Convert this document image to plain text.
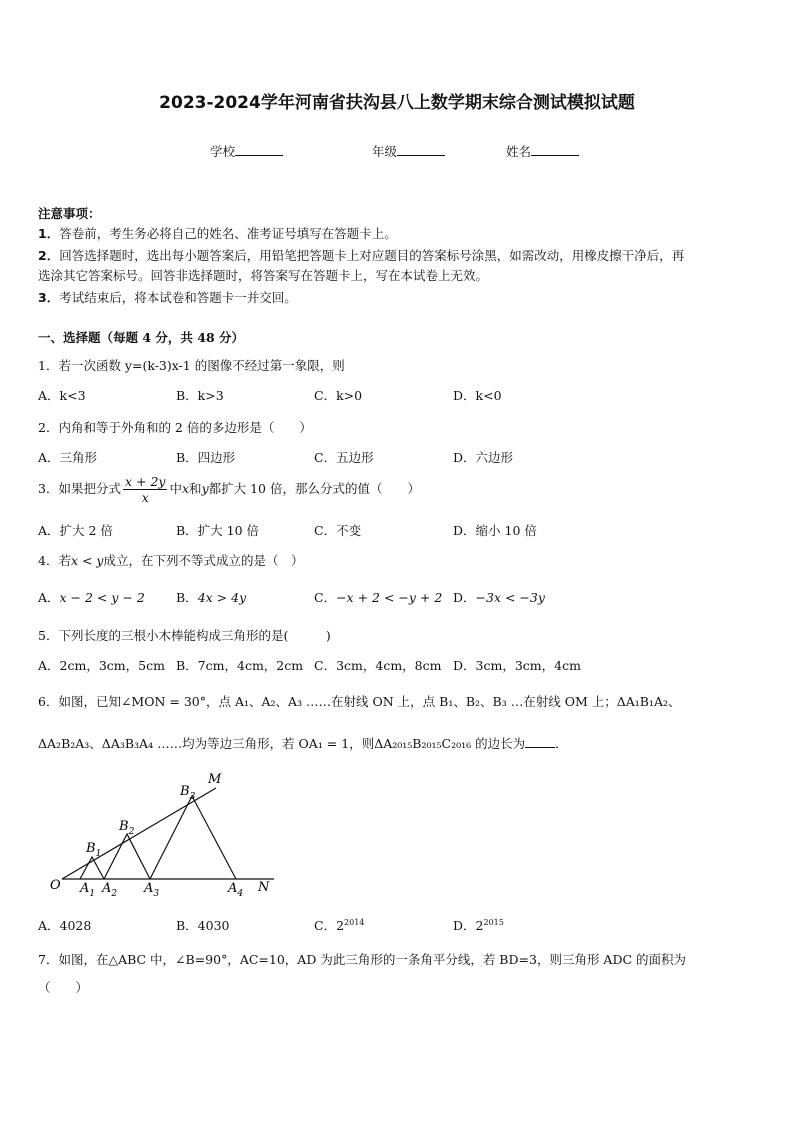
2023-2024学年河南省扶沟县八上数学期末综合测试模拟试题
学校	年级	姓名
注意事项：
1．答卷前，考生务必将自己的姓名、准考证号填写在答题卡上。
2．回答选择题时，选出每小题答案后，用铅笔把答题卡上对应题目的答案标号涂黑，如需改动，用橡皮擦干净后，再
选涂其它答案标号。回答非选择题时，将答案写在答题卡上，写在本试卷上无效。
3．考试结束后，将本试卷和答题卡一并交回。
一、选择题（每题 4 分，共 48 分）
1．若一次函数 y=(k-3)x-1 的图像不经过第一象限，则
A．k<3	B．k>3	C．k>0	D．k<0
2．内角和等于外角和的 2 倍的多边形是（　　）
A．三角形	B．四边形	C．五边形	D．六边形
3．如果把分式 $\frac{x + 2y}{x}$ 中x和y都扩大 10 倍，那么分式的值（　　）
A．扩大 2 倍	B．扩大 10 倍	C．不变	D．缩小 10 倍
4．若x < y成立，在下列不等式成立的是（　）
A．x − 2 < y − 2 B．4x > 4y	C．−x + 2 < −y + 2 D．−3x < −3y
5．下列长度的三根小木棒能构成三角形的是(　　　)
A．2cm，3cm，5cm B．7cm，4cm，2cm C．3cm，4cm，8cm D．3cm，3cm，4cm
6．如图，已知∠MON = 30°，点 A₁、A₂、A₃ ……在射线 ON 上，点 B₁、B₂、B₃ …在射线 OM 上；ΔA₁B₁A₂、
ΔA₂B₂A₃、ΔA₃B₃A₄ ……均为等边三角形，若 OA₁ = 1，则ΔA₂₀₁₅B₂₀₁₅C₂₀₁₆ 的边长为 ．
M
N
O $A_1$ $A_2$ $A_3$	$A_4$
$B_1$
$B_2$
$B_3$
A．4028	B．4030	C．$2^{2014}$	D．$2^{2015}$
7．如图，在△ABC 中，∠B=90°，AC=10，AD 为此三角形的一条角平分线，若 BD=3，则三角形 ADC 的面积为
（　　）
